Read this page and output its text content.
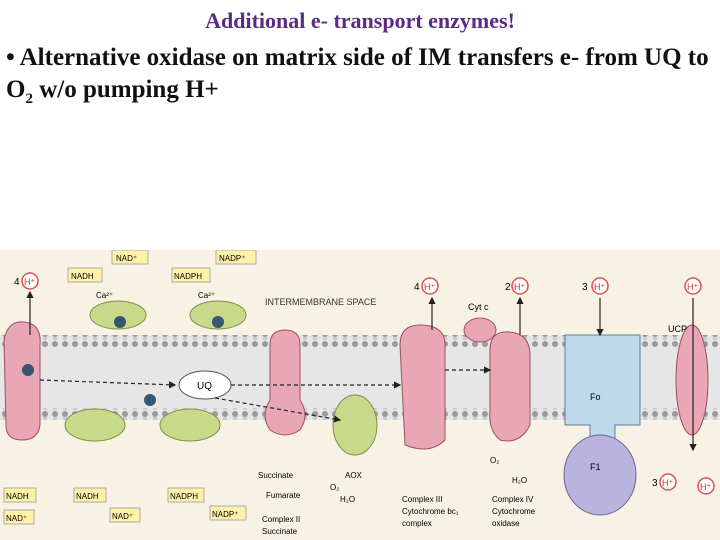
Additional e- transport enzymes!
• Alternative oxidase on matrix side of IM transfers e- from UQ to $O_2$ w/o pumping H+
INTERMEMBRANE SPACE
4 H⁺	4 H⁺	2 H⁺	3 H⁺	H⁺
NAD⁺	NADP⁺
NADH	NADPH
Ca²⁺	Ca²⁺
UQ
AOX
Cyt c
Fo
F1
UCP
NADH	NADH	NADPH
NAD⁺	NAD⁺	NADP⁺
Succinate
Fumarate
O₂
H₂O
O₂
H₂O	3 H⁺	H⁺
Complex II
Succinate
Complex III
Cytochrome bc₁
complex
Complex IV
Cytochrome
oxidase
